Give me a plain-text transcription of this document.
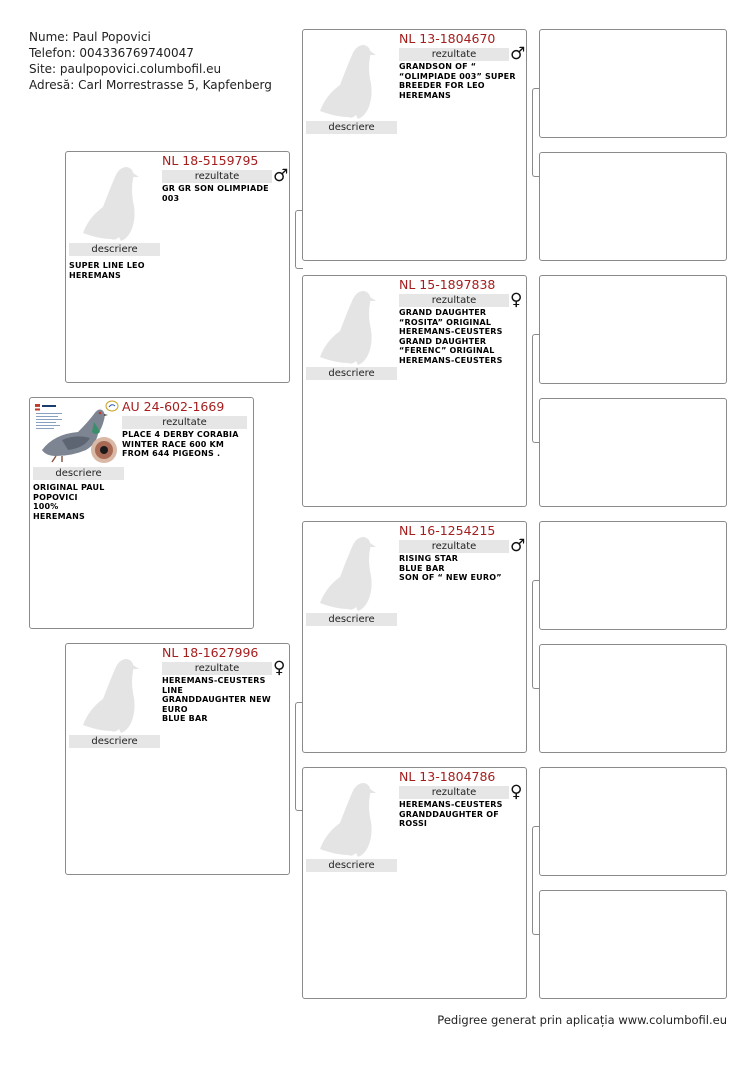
Nume: Paul Popovici
Telefon: 004336769740047
Site: paulpopovici.columbofil.eu
Adresă: Carl Morrestrasse 5, Kapfenberg
descriere
AU 24-602-1669
rezultate
PLACE 4 DERBY CORABIA
WINTER RACE 600 KM
FROM 644 PIGEONS .
ORIGINAL PAUL
POPOVICI
100%
HEREMANS
descriere
NL 18-5159795
rezultate	♂
GR GR SON OLIMPIADE
003
SUPER LINE LEO
HEREMANS
descriere
NL 18-1627996
rezultate	♀
HEREMANS-CEUSTERS
LINE
GRANDDAUGHTER NEW
EURO
BLUE BAR
descriere
NL 13-1804670
rezultate	♂
GRANDSON OF “
“OLIMPIADE 003” SUPER
BREEDER FOR LEO
HEREMANS
descriere
NL 15-1897838
rezultate	♀
GRAND DAUGHTER
“ROSITA” ORIGINAL
HEREMANS-CEUSTERS
GRAND DAUGHTER
“FERENC” ORIGINAL
HEREMANS-CEUSTERS
descriere
NL 16-1254215
rezultate	♂
RISING STAR
BLUE BAR
SON OF “ NEW EURO”
descriere
NL 13-1804786
rezultate	♀
HEREMANS-CEUSTERS
GRANDDAUGHTER OF
ROSSI
Pedigree generat prin aplicația www.columbofil.eu
